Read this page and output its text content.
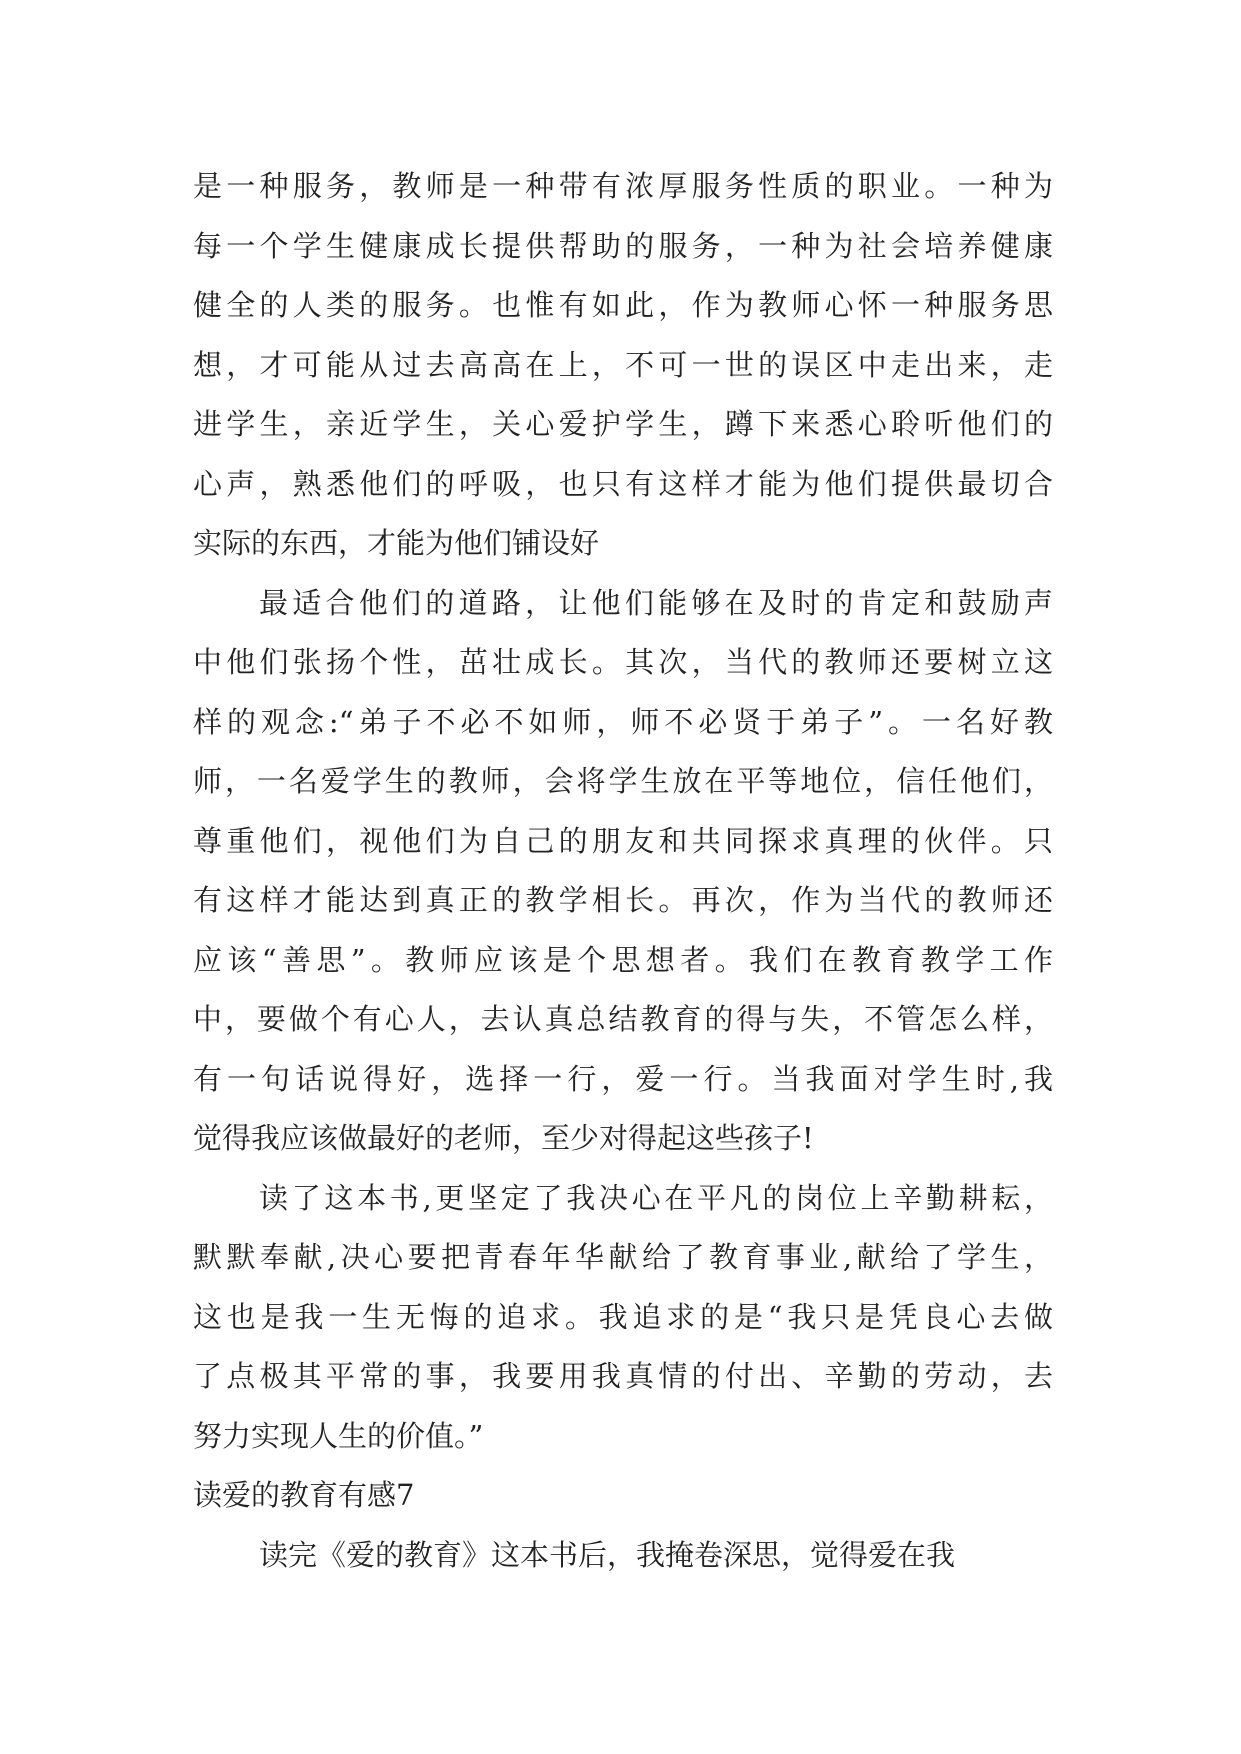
是一种服务，教师是一种带有浓厚服务性质的职业。一种为
每一个学生健康成长提供帮助的服务，一种为社会培养健康
健全的人类的服务。也惟有如此，作为教师心怀一种服务思
想，才可能从过去高高在上，不可一世的误区中走出来，走
进学生，亲近学生，关心爱护学生，蹲下来悉心聆听他们的
心声，熟悉他们的呼吸，也只有这样才能为他们提供最切合
实际的东西，才能为他们铺设好
最适合他们的道路，让他们能够在及时的肯定和鼓励声
中他们张扬个性，茁壮成长。其次，当代的教师还要树立这
样的观念:“弟子不必不如师，师不必贤于弟子”。一名好教
师，一名爱学生的教师，会将学生放在平等地位，信任他们，
尊重他们，视他们为自己的朋友和共同探求真理的伙伴。只
有这样才能达到真正的教学相长。再次，作为当代的教师还
应该“善思”。教师应该是个思想者。我们在教育教学工作
中，要做个有心人，去认真总结教育的得与失，不管怎么样，
有一句话说得好，选择一行，爱一行。当我面对学生时,我
觉得我应该做最好的老师，至少对得起这些孩子!
读了这本书,更坚定了我决心在平凡的岗位上辛勤耕耘，
默默奉献,决心要把青春年华献给了教育事业,献给了学生，
这也是我一生无悔的追求。我追求的是“我只是凭良心去做
了点极其平常的事，我要用我真情的付出、辛勤的劳动，去
努力实现人生的价值。”
读爱的教育有感7
读完《爱的教育》这本书后，我掩卷深思，觉得爱在我
